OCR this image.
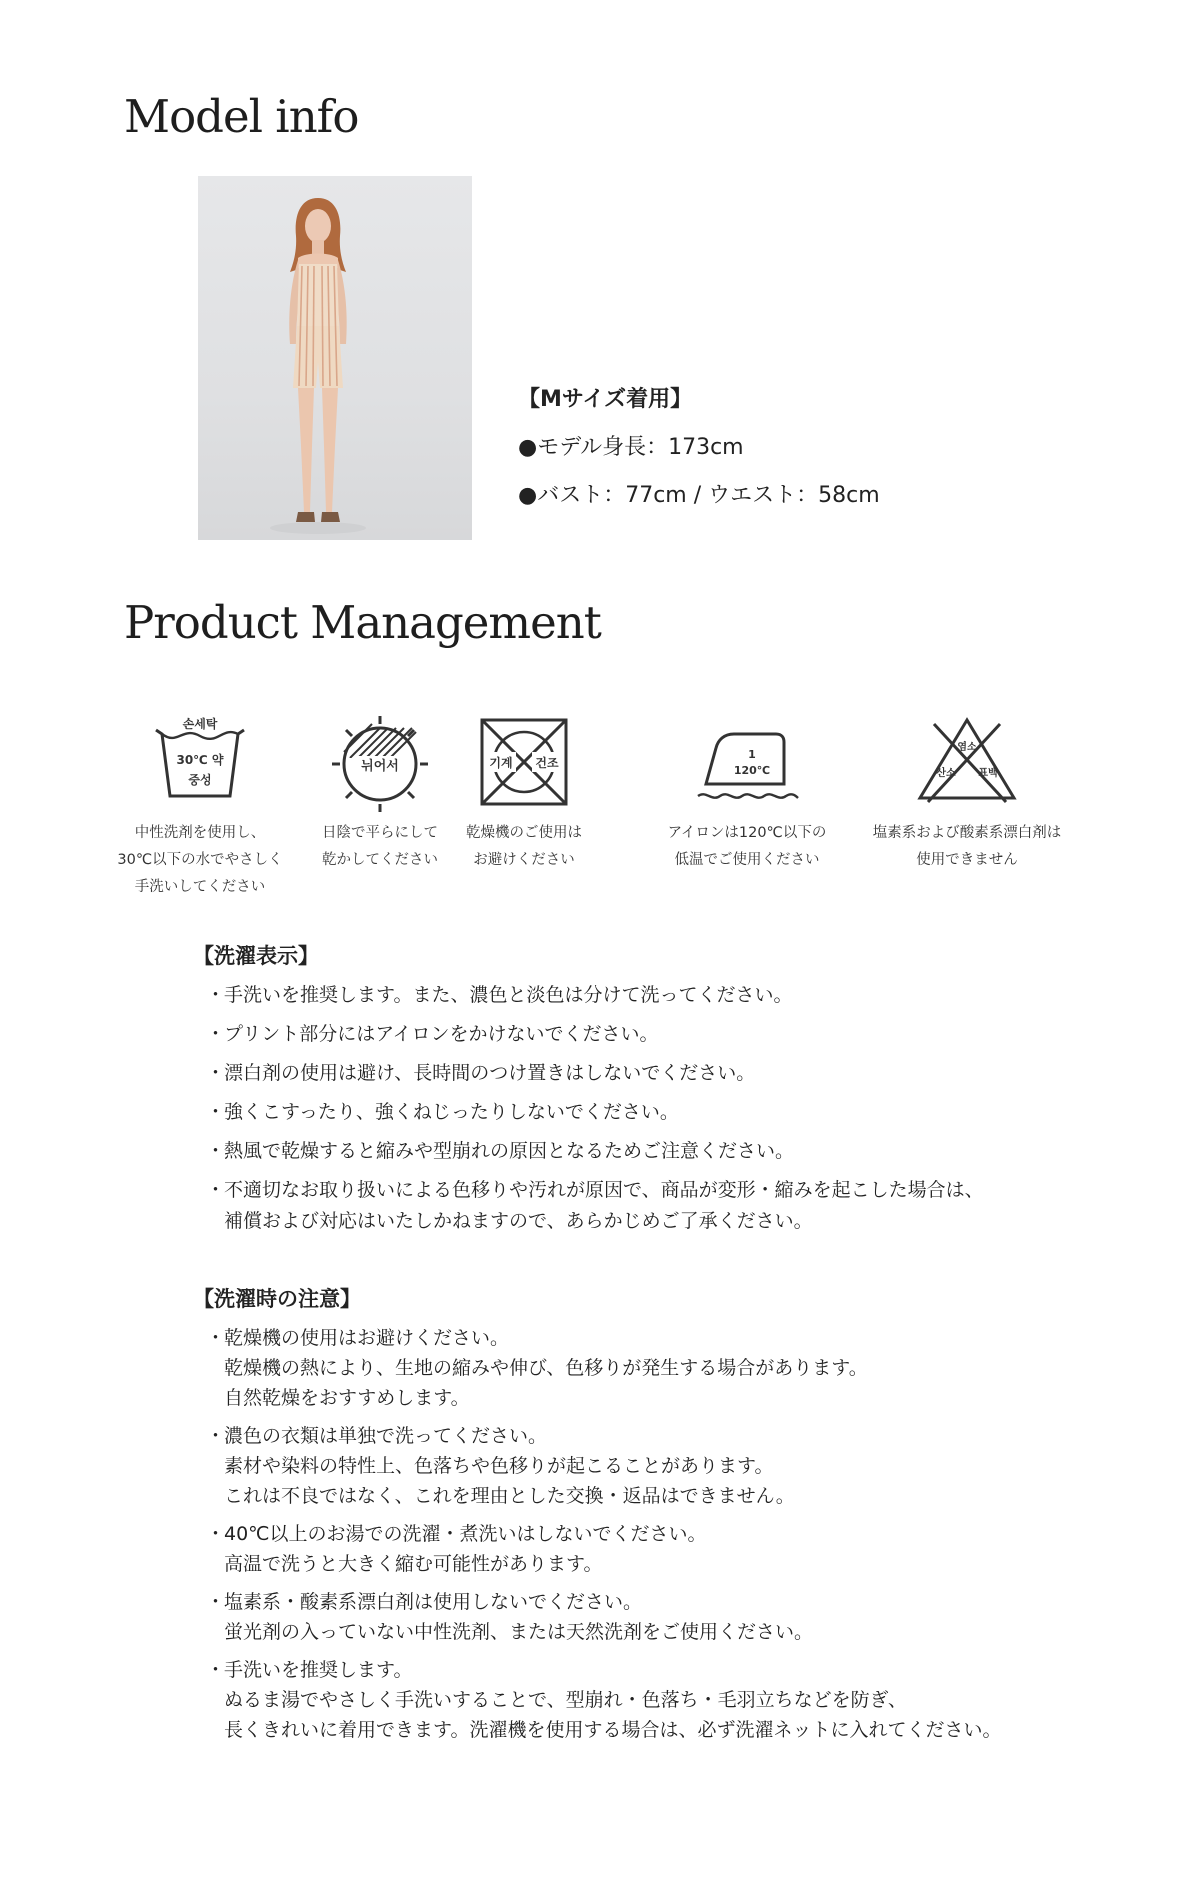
Model info
【Mサイズ着用】
●モデル身長：173cm
●バスト：77cm / ウエスト：58cm
Product Management
손세탁
30℃ 약
중성
中性洗剤を使用し、
30℃以下の水でやさしく
手洗いしてください
뉘어서
日陰で平らにして
乾かしてください
기계 건조
乾燥機のご使用は
お避けください
1
120℃
アイロンは120℃以下の
低温でご使用ください
염소
산소 표백
塩素系および酸素系漂白剤は
使用できません
【洗濯表示】
・
手洗いを推奨します。また、濃色と淡色は分けて洗ってください。
・
プリント部分にはアイロンをかけないでください。
・
漂白剤の使用は避け、長時間のつけ置きはしないでください。
・
強くこすったり、強くねじったりしないでください。
・
熱風で乾燥すると縮みや型崩れの原因となるためご注意ください。
・
不適切なお取り扱いによる色移りや汚れが原因で、商品が変形・縮みを起こした場合は、
補償および対応はいたしかねますので、あらかじめご了承ください。
【洗濯時の注意】
・
乾燥機の使用はお避けください。
乾燥機の熱により、生地の縮みや伸び、色移りが発生する場合があります。
自然乾燥をおすすめします。
・
濃色の衣類は単独で洗ってください。
素材や染料の特性上、色落ちや色移りが起こることがあります。
これは不良ではなく、これを理由とした交換・返品はできません。
・
40℃以上のお湯での洗濯・煮洗いはしないでください。
高温で洗うと大きく縮む可能性があります。
・
塩素系・酸素系漂白剤は使用しないでください。
蛍光剤の入っていない中性洗剤、または天然洗剤をご使用ください。
・
手洗いを推奨します。
ぬるま湯でやさしく手洗いすることで、型崩れ・色落ち・毛羽立ちなどを防ぎ、
長くきれいに着用できます。洗濯機を使用する場合は、必ず洗濯ネットに入れてください。
